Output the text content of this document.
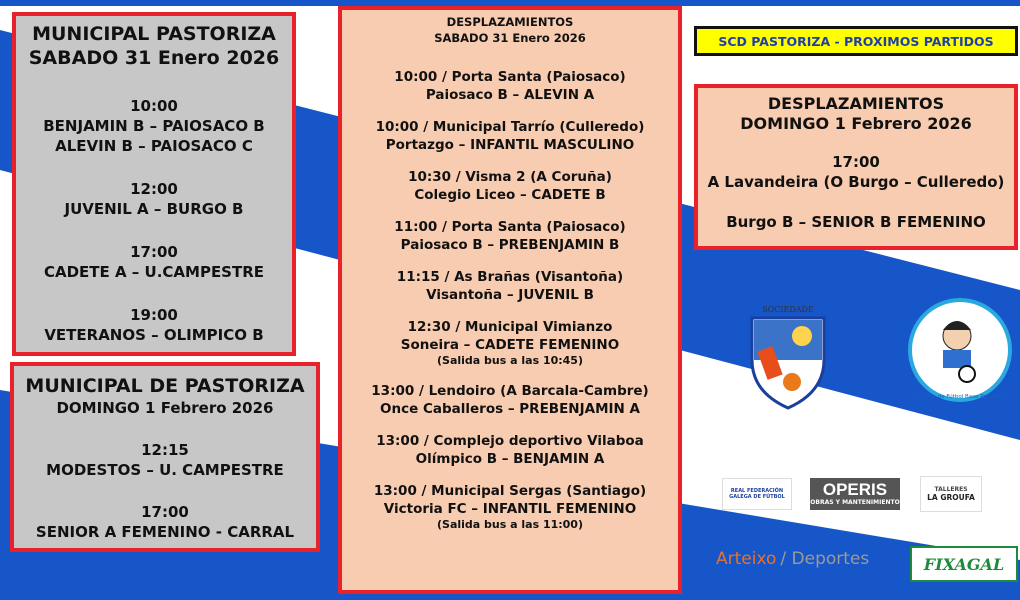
MUNICIPAL PASTORIZA
SABADO 31 Enero 2026
10:00
BENJAMIN B – PAIOSACO B
ALEVIN B – PAIOSACO C
12:00
JUVENIL A – BURGO B
17:00
CADETE A – U.CAMPESTRE
19:00
VETERANOS – OLIMPICO B
MUNICIPAL DE PASTORIZA
DOMINGO 1 Febrero 2026
12:15
MODESTOS – U. CAMPESTRE
17:00
SENIOR A FEMENINO - CARRAL
DESPLAZAMIENTOS
SABADO 31 Enero 2026
10:00 / Porta Santa (Paiosaco)
Paiosaco B – ALEVIN A
10:00 / Municipal Tarrío (Culleredo)
Portazgo – INFANTIL MASCULINO
10:30 / Visma 2 (A Coruña)
Colegio Liceo – CADETE B
11:00 / Porta Santa (Paiosaco)
Paiosaco B – PREBENJAMIN B
11:15 / As Brañas (Visantoña)
Visantoña – JUVENIL B
12:30 / Municipal Vimianzo
Soneira – CADETE FEMENINO
(Salida bus a las 10:45)
13:00 / Lendoiro (A Barcala-Cambre)
Once Caballeros – PREBENJAMIN A
13:00 / Complejo deportivo Vilaboa
Olímpico B – BENJAMIN A
13:00 / Municipal Sergas (Santiago)
Victoria FC – INFANTIL FEMENINO
(Salida bus a las 11:00)
SCD PASTORIZA - PROXIMOS PARTIDOS
DESPLAZAMIENTOS
DOMINGO 1 Febrero 2026
17:00
A Lavandeira (O Burgo – Culleredo)
Burgo B – SENIOR B FEMENINO
SOCIEDADE
Escuela de Fútbol Base Pastoriza
REAL FEDERACIÓN GALEGA DE FÚTBOL	OPERIS
OBRAS Y MANTENIMIENTO
TALLERES
LA GROUFA
Arteixo / Deportes	FIXAGAL
